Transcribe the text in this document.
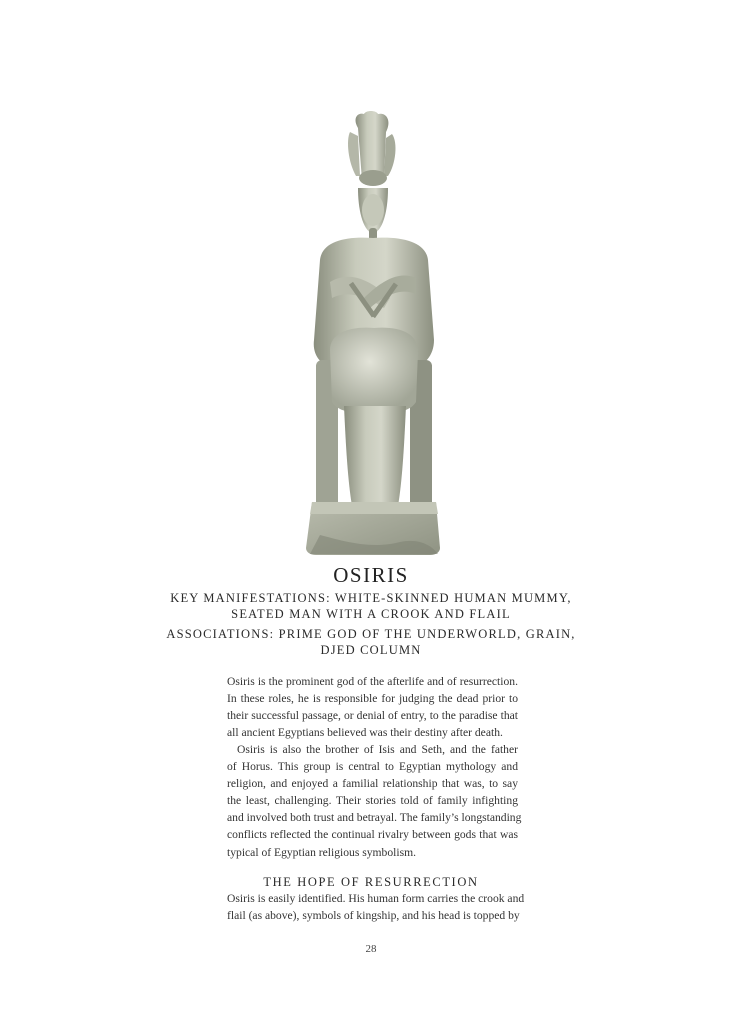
OSIRIS
KEY MANIFESTATIONS: WHITE-SKINNED HUMAN MUMMY,
SEATED MAN WITH A CROOK AND FLAIL
ASSOCIATIONS: PRIME GOD OF THE UNDERWORLD, GRAIN,
DJED COLUMN
Osiris is the prominent god of the afterlife and of resurrection.
In these roles, he is responsible for judging the dead prior to
their successful passage, or denial of entry, to the paradise that
all ancient Egyptians believed was their destiny after death.
Osiris is also the brother of Isis and Seth, and the father
of Horus. This group is central to Egyptian mythology and
religion, and enjoyed a familial relationship that was, to say
the least, challenging. Their stories told of family infighting
and involved both trust and betrayal. The family’s longstanding
conflicts reflected the continual rivalry between gods that was
typical of Egyptian religious symbolism.
THE HOPE OF RESURRECTION
Osiris is easily identified. His human form carries the crook and
flail (as above), symbols of kingship, and his head is topped by
28
